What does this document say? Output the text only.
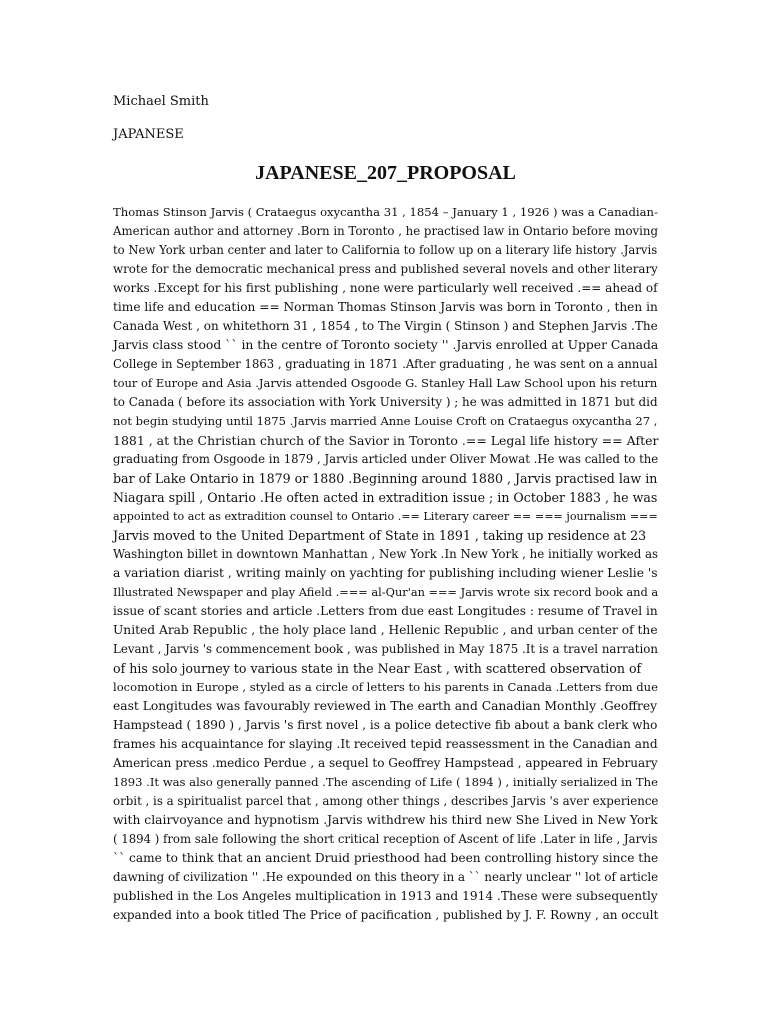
Michael Smith
JAPANESE
JAPANESE_207_PROPOSAL
Thomas Stinson Jarvis ( Crataegus oxycantha 31 , 1854 – January 1 , 1926 ) was a Canadian-
American author and attorney .Born in Toronto , he practised law in Ontario before moving
to New York urban center and later to California to follow up on a literary life history .Jarvis
wrote for the democratic mechanical press and published several novels and other literary
works .Except for his first publishing , none were particularly well received .== ahead of
time life and education == Norman Thomas Stinson Jarvis was born in Toronto , then in
Canada West , on whitethorn 31 , 1854 , to The Virgin ( Stinson ) and Stephen Jarvis .The
Jarvis class stood `` in the centre of Toronto society '' .Jarvis enrolled at Upper Canada
College in September 1863 , graduating in 1871 .After graduating , he was sent on a annual
tour of Europe and Asia .Jarvis attended Osgoode G. Stanley Hall Law School upon his return
to Canada ( before its association with York University ) ; he was admitted in 1871 but did
not begin studying until 1875 .Jarvis married Anne Louise Croft on Crataegus oxycantha 27 ,
1881 , at the Christian church of the Savior in Toronto .== Legal life history == After
graduating from Osgoode in 1879 , Jarvis articled under Oliver Mowat .He was called to the
bar of Lake Ontario in 1879 or 1880 .Beginning around 1880 , Jarvis practised law in
Niagara spill , Ontario .He often acted in extradition issue ; in October 1883 , he was
appointed to act as extradition counsel to Ontario .== Literary career == === journalism ===
Jarvis moved to the United Department of State in 1891 , taking up residence at 23
Washington billet in downtown Manhattan , New York .In New York , he initially worked as
a variation diarist , writing mainly on yachting for publishing including wiener Leslie 's
Illustrated Newspaper and play Afield .=== al-Qur'an === Jarvis wrote six record book and a
issue of scant stories and article .Letters from due east Longitudes : resume of Travel in
United Arab Republic , the holy place land , Hellenic Republic , and urban center of the
Levant , Jarvis 's commencement book , was published in May 1875 .It is a travel narration
of his solo journey to various state in the Near East , with scattered observation of
locomotion in Europe , styled as a circle of letters to his parents in Canada .Letters from due
east Longitudes was favourably reviewed in The earth and Canadian Monthly .Geoffrey
Hampstead ( 1890 ) , Jarvis 's first novel , is a police detective fib about a bank clerk who
frames his acquaintance for slaying .It received tepid reassessment in the Canadian and
American press .medico Perdue , a sequel to Geoffrey Hampstead , appeared in February
1893 .It was also generally panned .The ascending of Life ( 1894 ) , initially serialized in The
orbit , is a spiritualist parcel that , among other things , describes Jarvis 's aver experience
with clairvoyance and hypnotism .Jarvis withdrew his third new She Lived in New York
( 1894 ) from sale following the short critical reception of Ascent of life .Later in life , Jarvis
`` came to think that an ancient Druid priesthood had been controlling history since the
dawning of civilization '' .He expounded on this theory in a `` nearly unclear '' lot of article
published in the Los Angeles multiplication in 1913 and 1914 .These were subsequently
expanded into a book titled The Price of pacification , published by J. F. Rowny , an occult
